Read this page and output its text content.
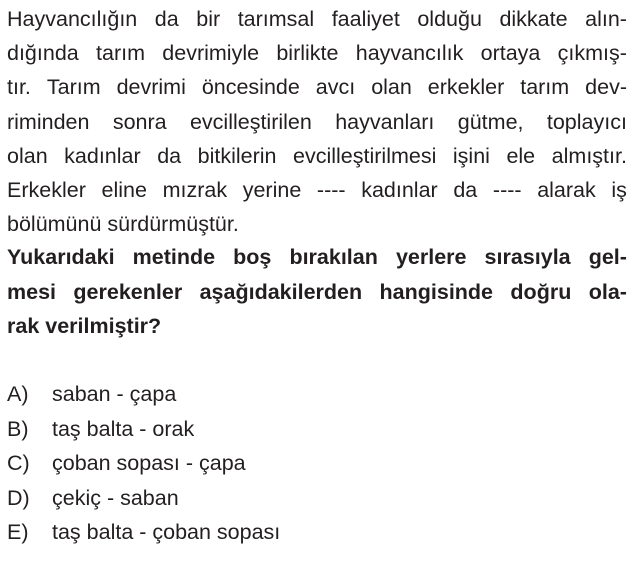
Hayvancılığın da bir tarımsal faaliyet olduğu dikkate alın-
dığında tarım devrimiyle birlikte hayvancılık ortaya çıkmış-
tır. Tarım devrimi öncesinde avcı olan erkekler tarım dev-
riminden sonra evcilleştirilen hayvanları gütme, toplayıcı
olan kadınlar da bitkilerin evcilleştirilmesi işini ele almıştır.
Erkekler eline mızrak yerine ---- kadınlar da ---- alarak iş
bölümünü sürdürmüştür.
Yukarıdaki metinde boş bırakılan yerlere sırasıyla gel-
mesi gerekenler aşağıdakilerden hangisinde doğru ola-
rak verilmiştir?
A)	saban - çapa
B)	taş balta - orak
C)	çoban sopası - çapa
D)	çekiç - saban
E)	taş balta - çoban sopası
